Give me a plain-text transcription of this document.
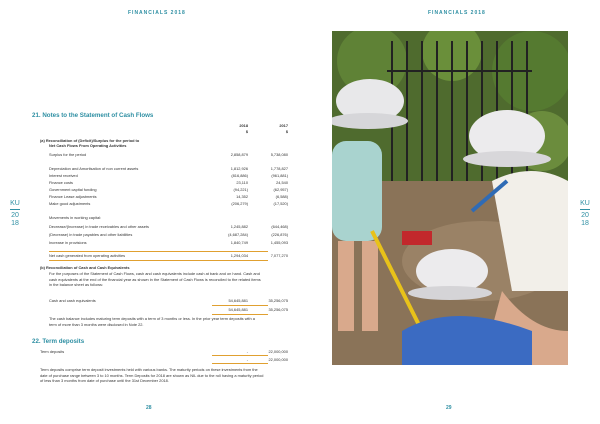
FINANCIALS 2018
KU
20
18
21. Notes to the Statement of Cash Flows
2018	2017
$	$
(a) Reconciliation of (Deficit)/Surplus for the period to
Net Cash Flows From Operating Activities
Surplus for the period	2,858,879	5,738,080
Depreciation and Amortisation of non current assets	1,812,926	1,778,827
Interest received	(816,886)	(961,881)
Finance costs	23,110	24,540
Government capital funding	(94,221)	(62,957)
Finance Lease adjustments	14,352	(6,588)
Make good adjustments	(206,279)	(17,520)
Movements in working capital:
Decrease/(Increase) in trade receivables and other assets	1,245,882	(644,468)
(Decrease) in trade payables and other liabilities	(4,687,284)	(226,876)
Increase in provisions	1,840,749	1,455,093
Net cash generated from operating activities	1,294,034	7,077,270
(b) Reconciliation of Cash and Cash Equivalents
For the purposes of the Statement of Cash Flows, cash and cash equivalents include cash at bank and on hand. Cash and cash equivalents at the end of the financial year as shown in the Statement of Cash Flows is reconciled to the related items in the balance sheet as follows:
Cash and cash equivalents	54,645,881	35,256,075
54,645,881	35,256,075
The cash balance includes maturing term deposits with a term of 3 months or less. In the prior year term deposits with a term of more than 3 months were disclosed in Note 22.
22. Term deposits
Term deposits	-	22,000,000
-	22,000,000
Term deposits comprise term deposit investments held with various banks. The maturity periods on these investments from the date of purchase range between 3 to 10 months. Term Deposits for 2018 are shown as NIL due to the roll having a maturity period of less than 3 months from date of purchase until the 31st December 2018.
28
FINANCIALS 2018
KU
20
18
29
